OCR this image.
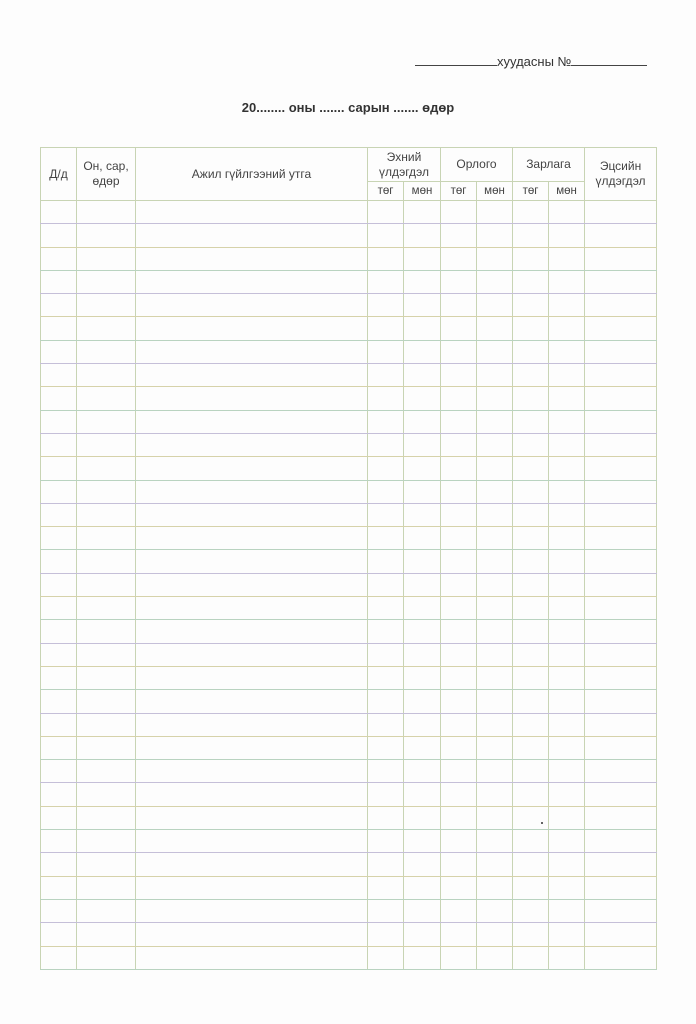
хуудасны №
20........ оны ....... сарын ....... өдөр
Д/д	Он, сар, өдөр	Ажил гүйлгээний утга	Эхний үлдэгдэл		Орлого		Зарлага		Эцсийн үлдэгдэл
			төг	мөн	төг	мөн	төг	мөн	
